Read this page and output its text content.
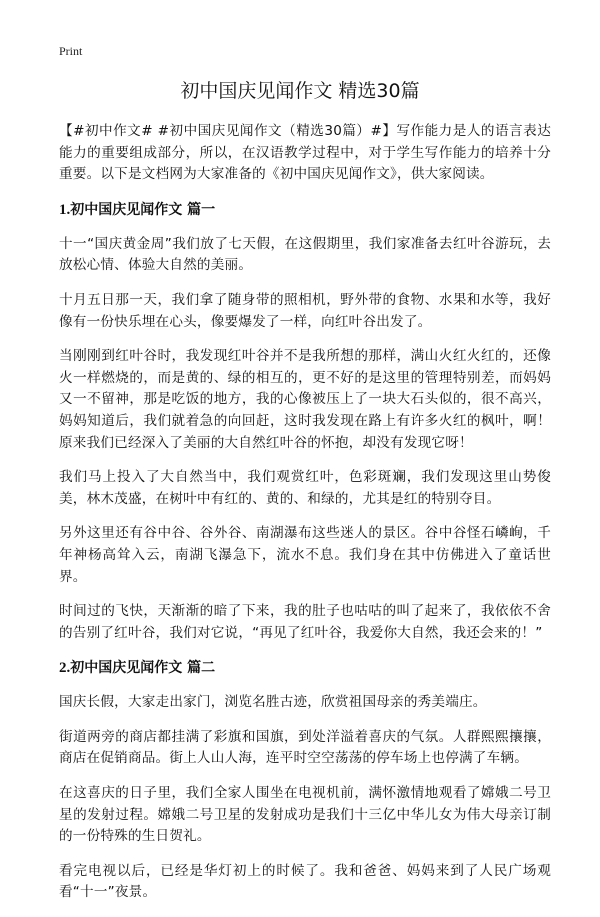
Print
初中国庆见闻作文 精选30篇

【#初中作文# #初中国庆见闻作文（精选30篇）#】写作能力是人的语言表达能力的重要组成部分，所以，在汉语教学过程中，对于学生写作能力的培养十分重要。以下是文档网为大家准备的《初中国庆见闻作文》，供大家阅读。

1.初中国庆见闻作文 篇一

十一“国庆黄金周”我们放了七天假，在这假期里，我们家准备去红叶谷游玩，去放松心情、体验大自然的美丽。

十月五日那一天，我们拿了随身带的照相机，野外带的食物、水果和水等，我好像有一份快乐埋在心头，像要爆发了一样，向红叶谷出发了。

当刚刚到红叶谷时，我发现红叶谷并不是我所想的那样，满山火红火红的，还像火一样燃烧的，而是黄的、绿的相互的，更不好的是这里的管理特别差，而妈妈又一不留神，那是吃饭的地方，我的心像被压上了一块大石头似的，很不高兴，妈妈知道后，我们就着急的向回赶，这时我发现在路上有许多火红的枫叶，啊！原来我们已经深入了美丽的大自然红叶谷的怀抱，却没有发现它呀！

我们马上投入了大自然当中，我们观赏红叶，色彩斑斓，我们发现这里山势俊美，林木茂盛，在树叶中有红的、黄的、和绿的，尤其是红的特别夺目。

另外这里还有谷中谷、谷外谷、南湖瀑布这些迷人的景区。谷中谷怪石嶙峋，千年神杨高耸入云，南湖飞瀑急下，流水不息。我们身在其中仿佛进入了童话世界。

时间过的飞快，天渐渐的暗了下来，我的肚子也咕咕的叫了起来了，我依依不舍的告别了红叶谷，我们对它说，“再见了红叶谷，我爱你大自然，我还会来的！”

2.初中国庆见闻作文 篇二

国庆长假，大家走出家门，浏览名胜古迹，欣赏祖国母亲的秀美端庄。

街道两旁的商店都挂满了彩旗和国旗，到处洋溢着喜庆的气氛。人群熙熙攘攘，商店在促销商品。街上人山人海，连平时空空荡荡的停车场上也停满了车辆。

在这喜庆的日子里，我们全家人围坐在电视机前，满怀激情地观看了嫦娥二号卫星的发射过程。嫦娥二号卫星的发射成功是我们十三亿中华儿女为伟大母亲订制的一份特殊的生日贺礼。

看完电视以后，已经是华灯初上的时候了。我和爸爸、妈妈来到了人民广场观看“十一”夜景。
